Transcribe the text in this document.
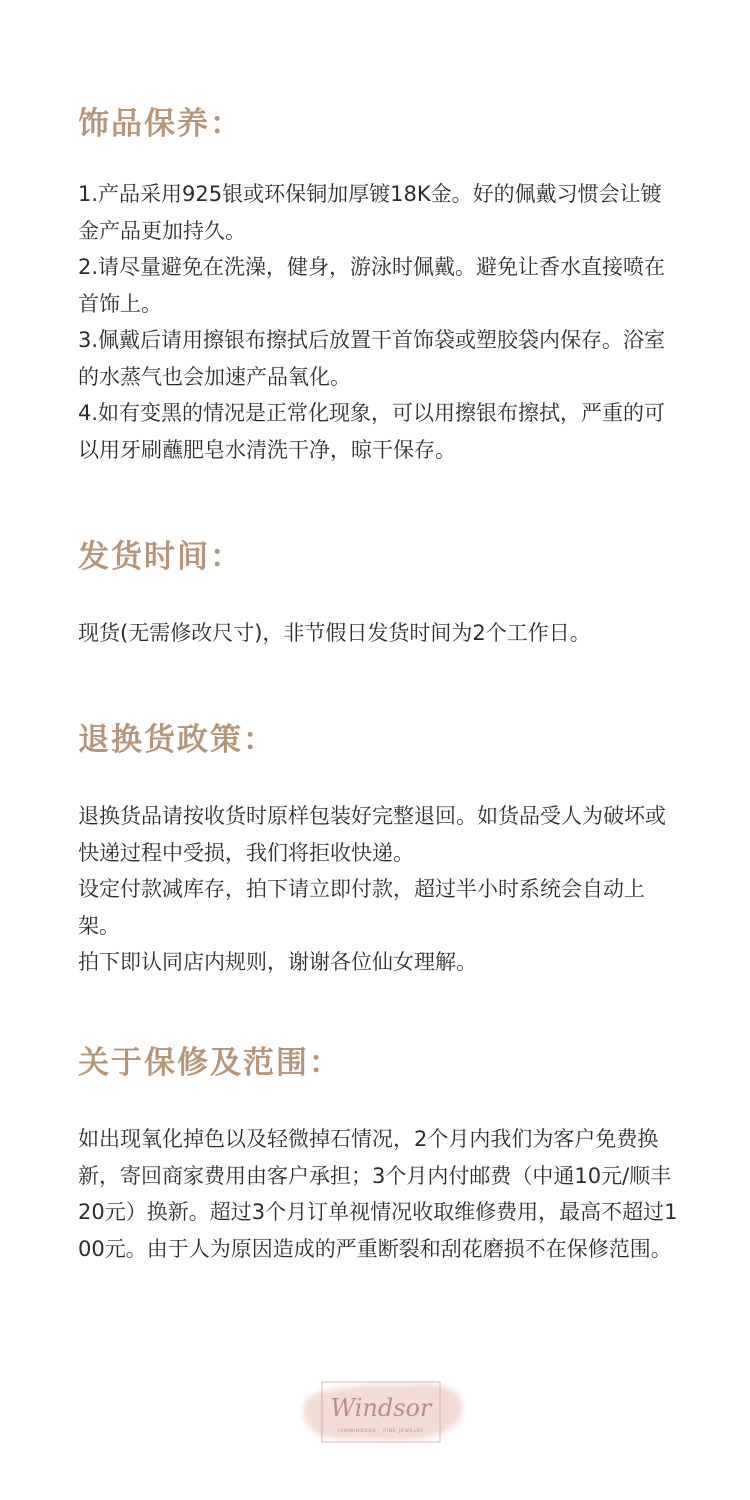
饰品保养：

1.产品采用925银或环保铜加厚镀18K金。好的佩戴习惯会让镀金产品更加持久。

2.请尽量避免在洗澡，健身，游泳时佩戴。避免让香水直接喷在首饰上。

3.佩戴后请用擦银布擦拭后放置干首饰袋或塑胶袋内保存。浴室的水蒸气也会加速产品氧化。

4.如有变黑的情况是正常化现象，可以用擦银布擦拭，严重的可以用牙刷蘸肥皂水清洗干净，晾干保存。

发货时间：

现货(无需修改尺寸)，非节假日发货时间为2个工作日。

退换货政策：

退换货品请按收货时原样包装好完整退回。如货品受人为破坏或快递过程中受损，我们将拒收快递。

设定付款减库存，拍下请立即付款，超过半小时系统会自动上架。

拍下即认同店内规则，谢谢各位仙女理解。

关于保修及范围：

如出现氧化掉色以及轻微掉石情况，2个月内我们为客户免费换新，寄回商家费用由客户承担；3个月内付邮费（中通10元/顺丰20元）换新。超过3个月订单视情况收取维修费用，最高不超过100元。由于人为原因造成的严重断裂和刮花磨损不在保修范围。

Windsor
IAMWINDSOR · FINE JEWELRY
